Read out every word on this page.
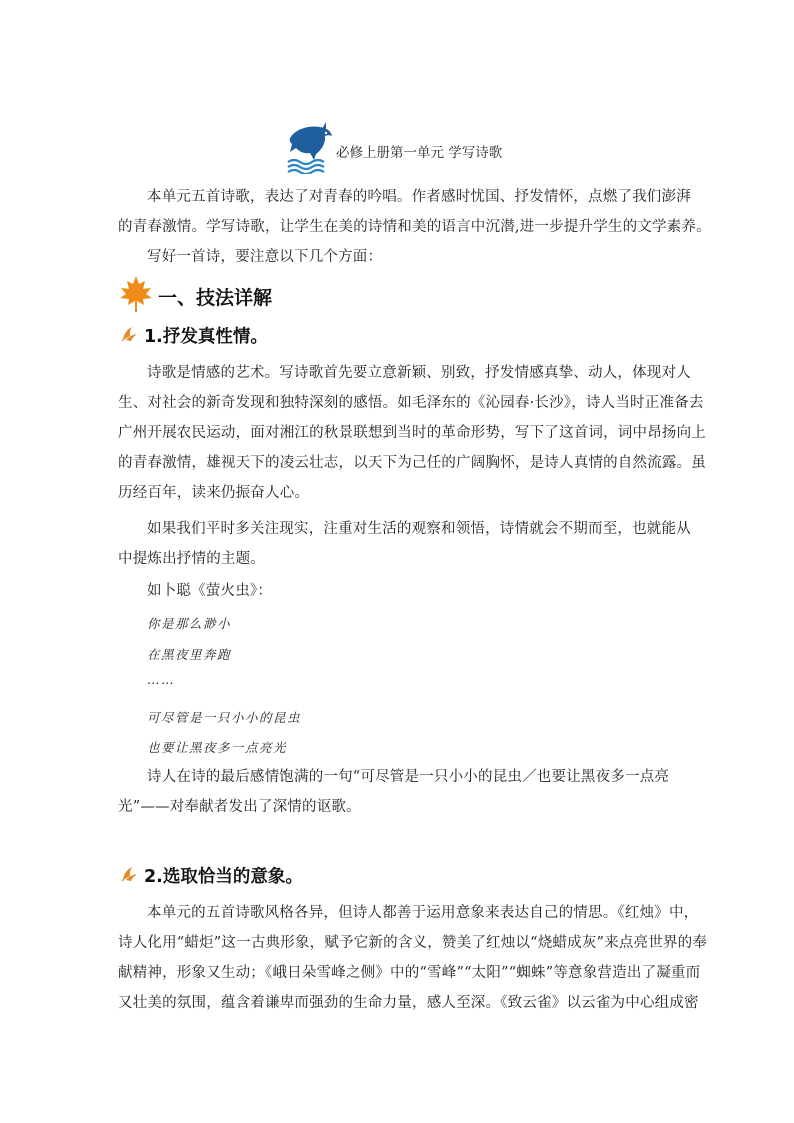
必修上册第一单元 学写诗歌

本单元五首诗歌，表达了对青春的吟唱。作者感时忧国、抒发情怀，点燃了我们澎湃
的青春激情。学写诗歌，让学生在美的诗情和美的语言中沉潜,进一步提升学生的文学素养。

写好一首诗，要注意以下几个方面：

一、技法详解
1.抒发真性情。

诗歌是情感的艺术。写诗歌首先要立意新颖、别致，抒发情感真挚、动人，体现对人
生、对社会的新奇发现和独特深刻的感悟。如毛泽东的《沁园春·长沙》，诗人当时正准备去
广州开展农民运动，面对湘江的秋景联想到当时的革命形势，写下了这首词，词中昂扬向上
的青春激情，雄视天下的凌云壮志，以天下为己任的广阔胸怀，是诗人真情的自然流露。虽
历经百年，读来仍振奋人心。

如果我们平时多关注现实，注重对生活的观察和领悟，诗情就会不期而至，也就能从
中提炼出抒情的主题。

如卜聪《萤火虫》：

你是那么渺小
在黑夜里奔跑
……
可尽管是一只小小的昆虫
也要让黑夜多一点亮光

诗人在诗的最后感情饱满的一句“可尽管是一只小小的昆虫／也要让黑夜多一点亮
光”——对奉献者发出了深情的讴歌。

2.选取恰当的意象。

本单元的五首诗歌风格各异，但诗人都善于运用意象来表达自己的情思。《红烛》中，
诗人化用“蜡炬”这一古典形象，赋予它新的含义，赞美了红烛以“烧蜡成灰”来点亮世界的奉
献精神，形象又生动；《峨日朵雪峰之侧》中的“雪峰”“太阳”“蜘蛛”等意象营造出了凝重而
又壮美的氛围，蕴含着谦卑而强劲的生命力量，感人至深。《致云雀》以云雀为中心组成密
